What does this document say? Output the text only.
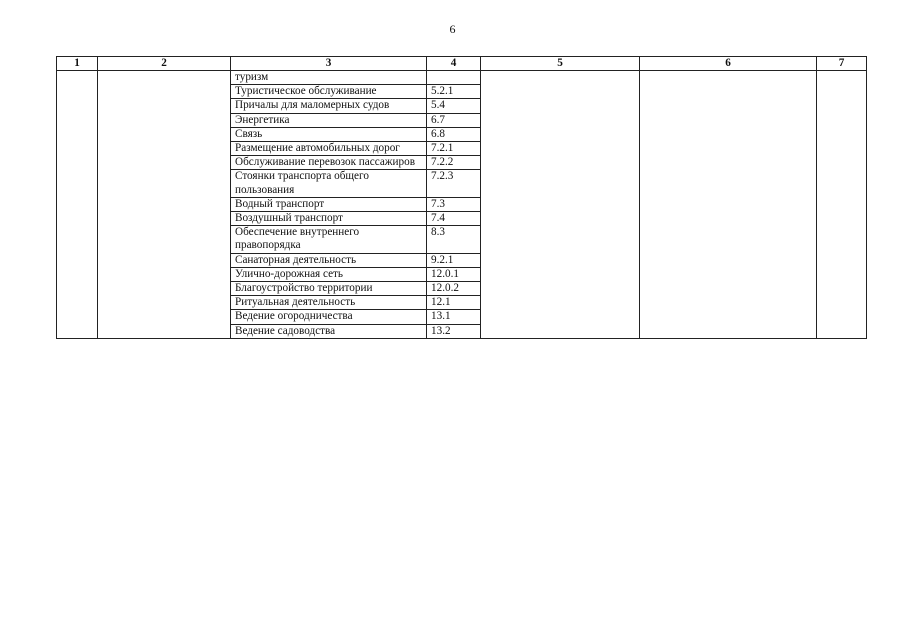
6
1	2	3	4	5	6	7
		туризм				
		Туристическое обслуживание	5.2.1			
		Причалы для маломерных судов	5.4			
		Энергетика	6.7			
		Связь	6.8			
		Размещение автомобильных дорог	7.2.1			
		Обслуживание перевозок пассажиров	7.2.2			
		Стоянки транспорта общего пользования	7.2.3			
		Водный транспорт	7.3			
		Воздушный транспорт	7.4			
		Обеспечение внутреннего правопорядка	8.3			
		Санаторная деятельность	9.2.1			
		Улично-дорожная сеть	12.0.1			
		Благоустройство территории	12.0.2			
		Ритуальная деятельность	12.1			
		Ведение огородничества	13.1			
		Ведение садоводства	13.2			
